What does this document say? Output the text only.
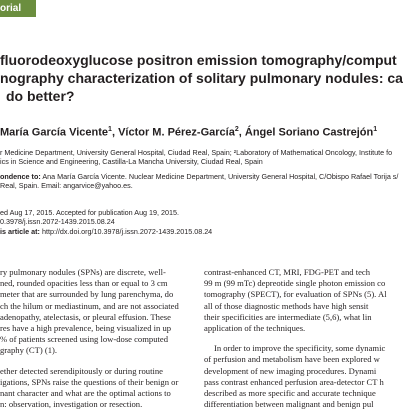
orial
fluorodeoxyglucose positron emission tomography/comput
nography characterization of solitary pulmonary nodules: ca
do better?
María García Vicente$^1$, Víctor M. Pérez-García$^2$, Ángel Soriano Castrejón$^1$
r Medicine Department, University General Hospital, Ciudad Real, Spain; ²Laboratory of Mathematical Oncology, Institute fo
ics in Science and Engineering, Castilla-La Mancha University, Ciudad Real, Spain
ondence to: Ana María García Vicente. Nuclear Medicine Department, University General Hospital, C/Obispo Rafael Torija s/
Real, Spain. Email: angarvice@yahoo.es.
ed Aug 17, 2015. Accepted for publication Aug 19, 2015.
0.3978/j.issn.2072-1439.2015.08.24
is article at: http://dx.doi.org/10.3978/j.issn.2072-1439.2015.08.24
ry pulmonary nodules (SPNs) are discrete, well-
ned, rounded opacities less than or equal to 3 cm
meter that are surrounded by lung parenchyma, do
ch the hilum or mediastinum, and are not associated
adenopathy, atelectasis, or pleural effusion. These
res have a high prevalence, being visualized in up
% of patients screened using low-dose computed
graphy (CT) (1).
ether detected serendipitously or during routine
igations, SPNs raise the questions of their benign or
nant character and what are the optimal actions to
n: observation, investigation or resection.
contrast-enhanced CT, MRI, FDG-PET and tech
99 m (99 mTc) depreotide single photon emission co
tomography (SPECT), for evaluation of SPNs (5). Al
all of those diagnostic methods have high sensit
their specificities are intermediate (5,6), what lin
application of the techniques.
In order to improve the specificity, some dynamic
of perfusion and metabolism have been explored w
development of new imaging procedures. Dynami
pass contrast enhanced perfusion area-detector CT h
described as more specific and accurate technique
differentiation between malignant and benign pul
